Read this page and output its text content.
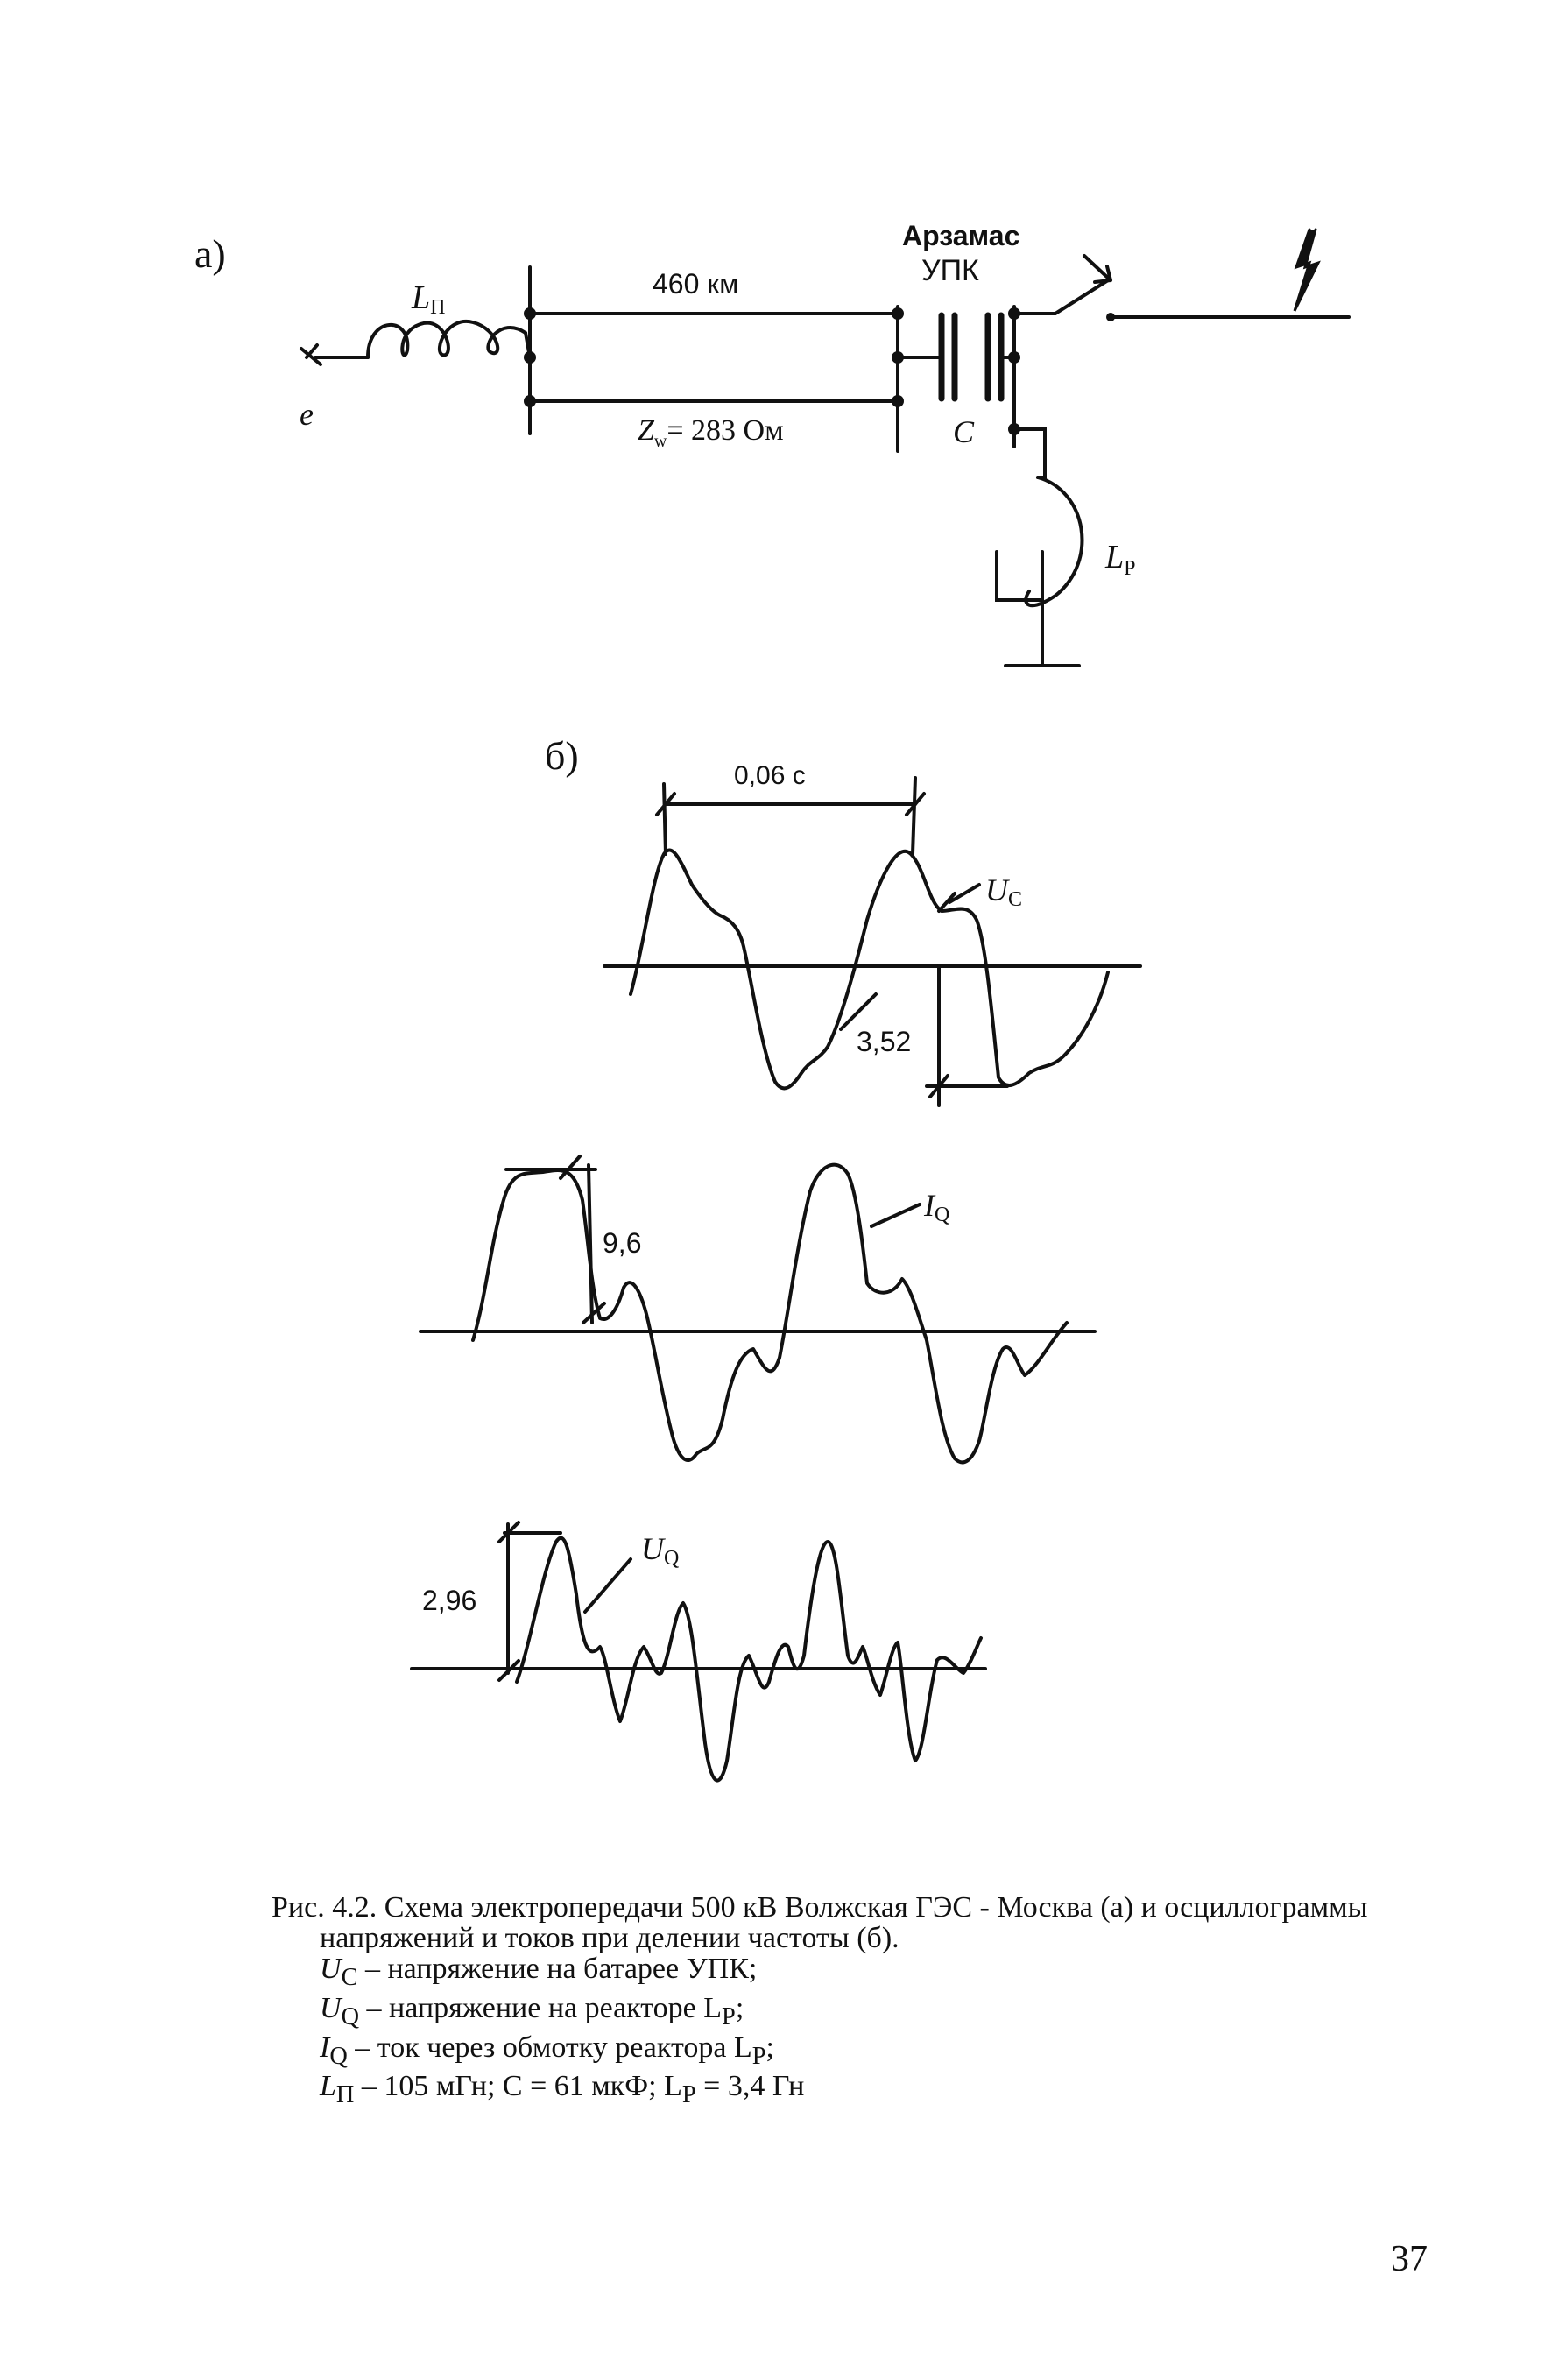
а)
e
LП
460 км
$Z_w= 283$ Ом
Арзамас
УПК
C
$L_P$
б)	0,06 с
UC
3,52
9,6
IQ
2,96
UQ
Рис. 4.2. Схема электропередачи 500 кВ Волжская ГЭС - Москва (а) и осциллограммы
напряжений и токов при делении частоты (б).
$U_C$ – напряжение на батарее УПК;
$U_Q$ – напряжение на реакторе $L_P$;
$I_Q$ – ток через обмотку реактора $L_P$;
$L_П - 105$ мГн; C = 61 мкФ; $L_P = 3,4$ Гн
37
